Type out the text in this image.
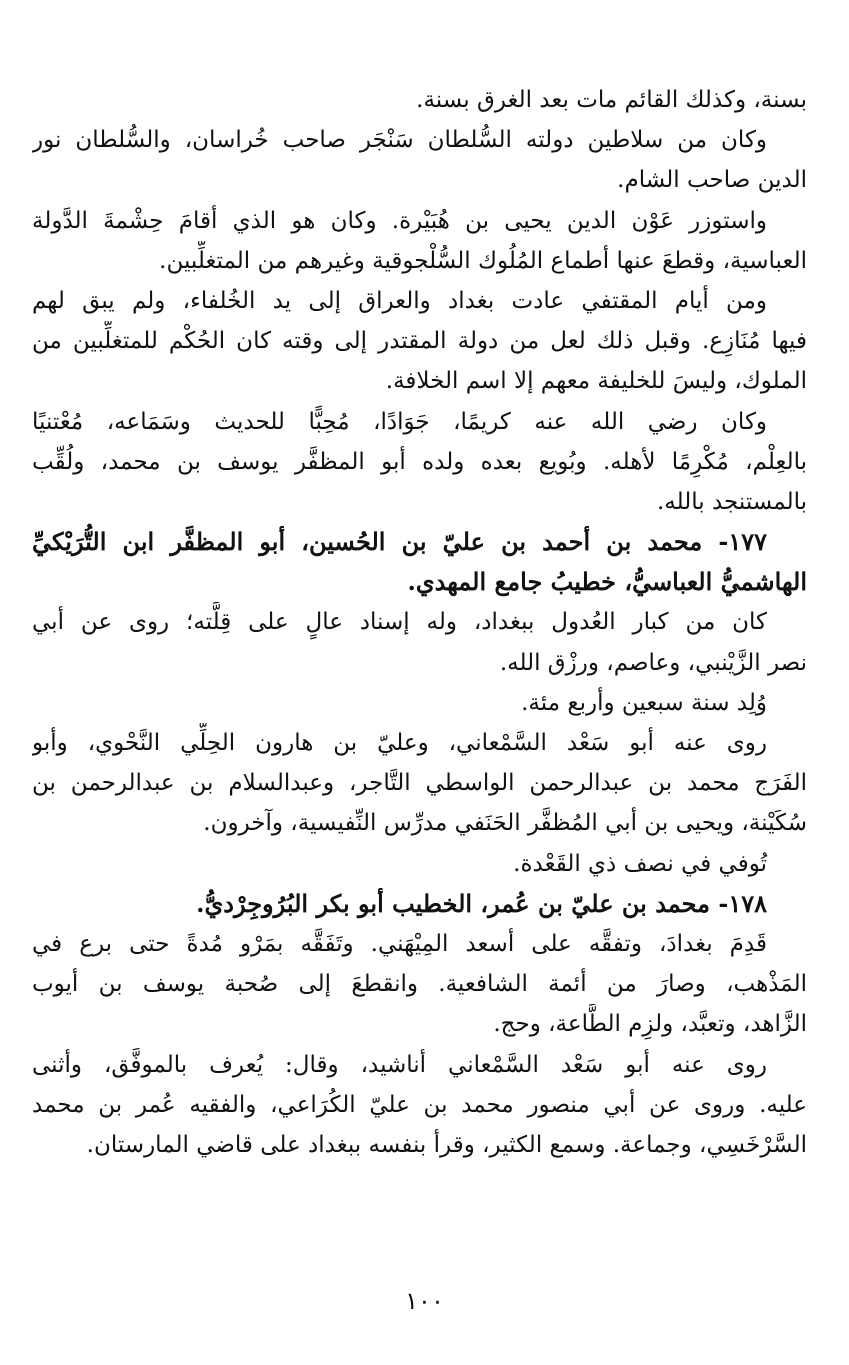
بسنة، وكذلك القائم مات بعد الغرق بسنة.
وكان من سلاطين دولته السُّلطان سَنْجَر صاحب خُراسان، والسُّلطان نور
الدين صاحب الشام.
واستوزر عَوْن الدين يحيى بن هُبَيْرة. وكان هو الذي أقامَ حِشْمةَ الدَّولة
العباسية، وقطعَ عنها أطماع المُلُوك السُّلْجوقية وغيرهم من المتغلِّبين.
ومن أيام المقتفي عادت بغداد والعراق إلى يد الخُلفاء، ولم يبق لهم
فيها مُنَازِع. وقبل ذلك لعل من دولة المقتدر إلى وقته كان الحُكْم للمتغلِّبين من
الملوك، وليسَ للخليفة معهم إلا اسم الخلافة.
وكان رضي الله عنه كريمًا، جَوَادًا، مُحِبًّا للحديث وسَمَاعه، مُعْتنيًا
بالعِلْم، مُكْرِمًا لأهله. وبُويع بعده ولده أبو المظفَّر يوسف بن محمد، ولُقِّب
بالمستنجد بالله.
١٧٧- محمد بن أحمد بن عليّ بن الحُسين، أبو المظفَّر ابن التُّرَيْكيِّ
الهاشميُّ العباسيُّ، خطيبُ جامع المهدي.
كان من كبار العُدول ببغداد، وله إسناد عالٍ على قِلَّته؛ روى عن أبي
نصر الزَّيْنبي، وعاصم، ورزْق الله.
وُلِد سنة سبعين وأربع مئة.
روى عنه أبو سَعْد السَّمْعاني، وعليّ بن هارون الحِلِّي النَّحْوي، وأبو
الفَرَج محمد بن عبدالرحمن الواسطي التَّاجر، وعبدالسلام بن عبدالرحمن بن
سُكَيْنة، ويحيى بن أبي المُظفَّر الحَنَفي مدرِّس النِّفيسية، وآخرون.
تُوفي في نصف ذي القَعْدة.
١٧٨- محمد بن عليّ بن عُمر، الخطيب أبو بكر البُرُوجِرْديُّ.
قَدِمَ بغدادَ، وتفقَّه على أسعد المِيْهَني. وتَفَقَّه بمَرْو مُدةً حتى برع في
المَذْهب، وصارَ من أئمة الشافعية. وانقطعَ إلى صُحبة يوسف بن أيوب
الزَّاهد، وتعبَّد، ولزِم الطَّاعة، وحج.
روى عنه أبو سَعْد السَّمْعاني أناشيد، وقال: يُعرف بالموفَّق، وأثنى
عليه. وروى عن أبي منصور محمد بن عليّ الكُرَاعي، والفقيه عُمر بن محمد
السَّرْخَسِي، وجماعة. وسمع الكثير، وقرأ بنفسه ببغداد على قاضي المارستان.
١٠٠
